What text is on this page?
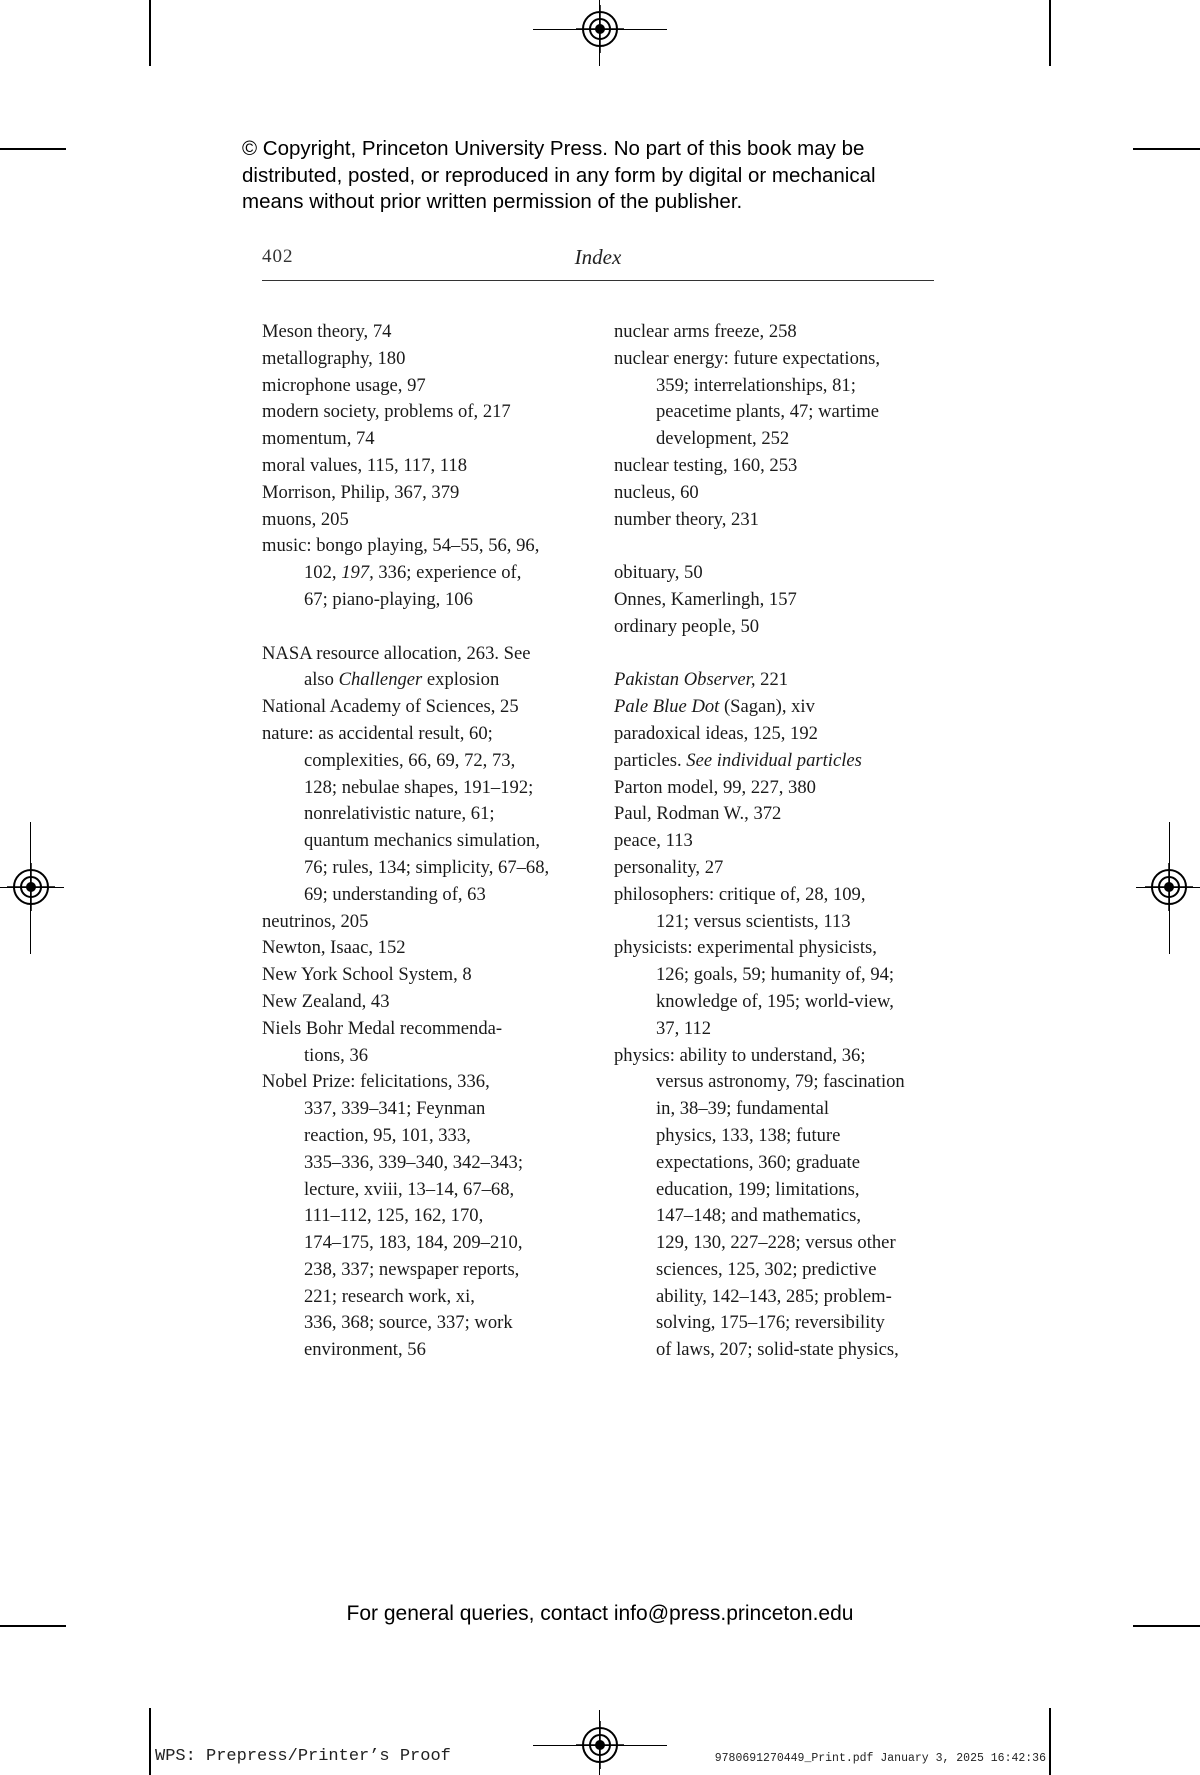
© Copyright, Princeton University Press. No part of this book may be

distributed, posted, or reproduced in any form by digital or mechanical

means without prior written permission of the publisher.

402	Index
Meson theory, 74
metallography, 180
microphone usage, 97
modern society, problems of, 217
momentum, 74
moral values, 115, 117, 118
Morrison, Philip, 367, 379
muons, 205
music: bongo playing, 54–55, 56, 96,
102, 197, 336; experience of,
67; piano-playing, 106
NASA resource allocation, 263. See
also Challenger explosion
National Academy of Sciences, 25
nature: as accidental result, 60;
complexities, 66, 69, 72, 73,
128; nebulae shapes, 191–192;
nonrelativistic nature, 61;
quantum mechanics simulation,
76; rules, 134; simplicity, 67–68,
69; understanding of, 63
neutrinos, 205
Newton, Isaac, 152
New York School System, 8
New Zealand, 43
Niels Bohr Medal recommenda-
tions, 36
Nobel Prize: felicitations, 336,
337, 339–341; Feynman
reaction, 95, 101, 333,
335–336, 339–340, 342–343;
lecture, xviii, 13–14, 67–68,
111–112, 125, 162, 170,
174–175, 183, 184, 209–210,
238, 337; newspaper reports,
221; research work, xi,
336, 368; source, 337; work
environment, 56
nuclear arms freeze, 258
nuclear energy: future expectations,
359; interrelationships, 81;
peacetime plants, 47; wartime
development, 252
nuclear testing, 160, 253
nucleus, 60
number theory, 231
obituary, 50
Onnes, Kamerlingh, 157
ordinary people, 50
Pakistan Observer, 221
Pale Blue Dot (Sagan), xiv
paradoxical ideas, 125, 192
particles. See individual particles
Parton model, 99, 227, 380
Paul, Rodman W., 372
peace, 113
personality, 27
philosophers: critique of, 28, 109,
121; versus scientists, 113
physicists: experimental physicists,
126; goals, 59; humanity of, 94;
knowledge of, 195; world-view,
37, 112
physics: ability to understand, 36;
versus astronomy, 79; fascination
in, 38–39; fundamental
physics, 133, 138; future
expectations, 360; graduate
education, 199; limitations,
147–148; and mathematics,
129, 130, 227–228; versus other
sciences, 125, 302; predictive
ability, 142–143, 285; problem-
solving, 175–176; reversibility
of laws, 207; solid-state physics,
For general queries, contact info@press.princeton.edu
WPS: Prepress/Printer’s Proof	9780691270449_Print.pdf January 3, 2025 16:42:36
